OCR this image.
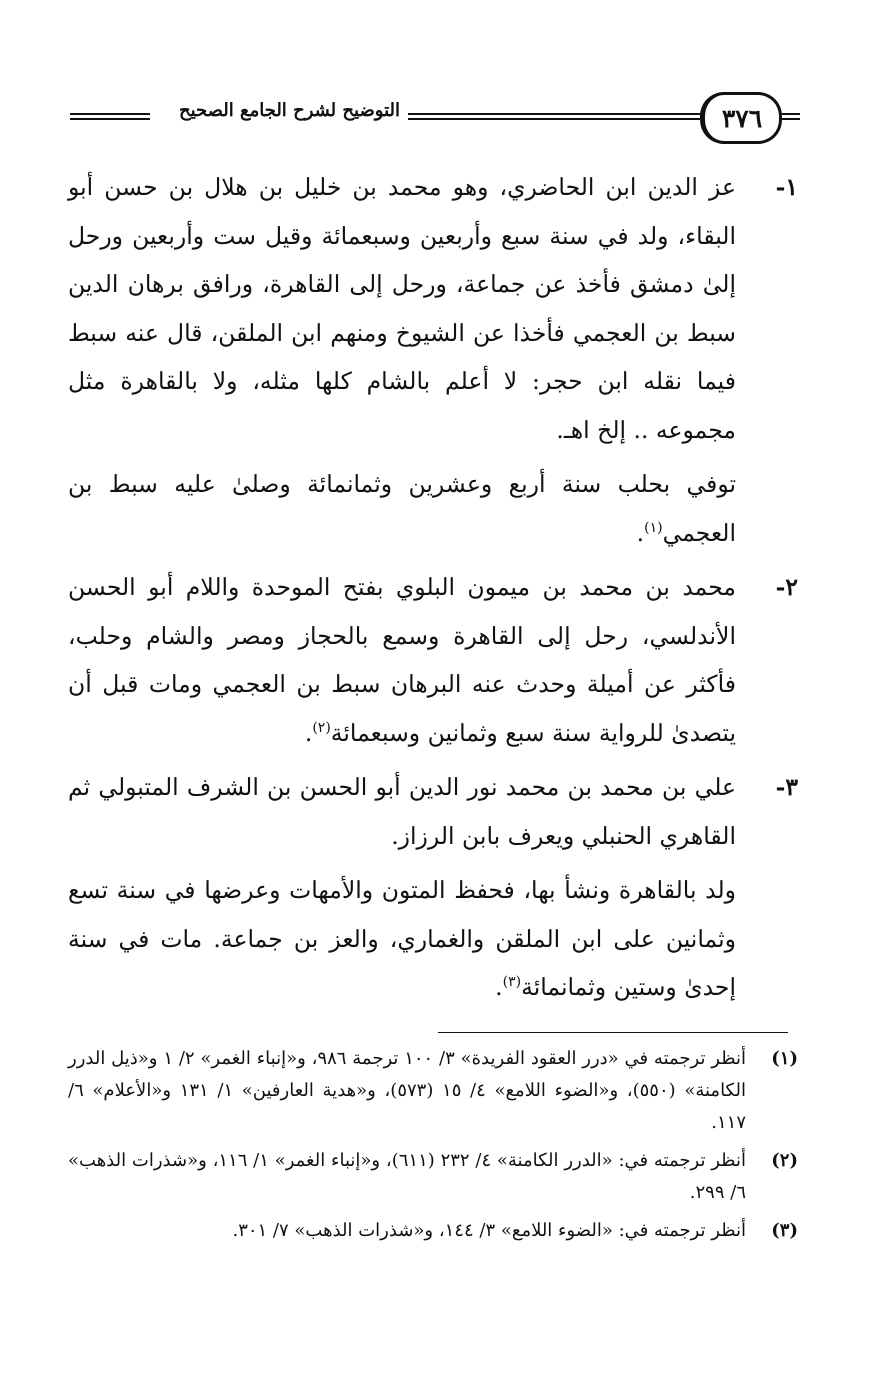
التوضيح لشرح الجامع الصحيح	٣٧٦

١-
عز الدين ابن الحاضري، وهو محمد بن خليل بن هلال بن حسن أبو البقاء، ولد في سنة سبع وأربعين وسبعمائة وقيل ست وأربعين ورحل إلىٰ دمشق فأخذ عن جماعة، ورحل إلى القاهرة، ورافق برهان الدين سبط بن العجمي فأخذا عن الشيوخ ومنهم ابن الملقن، قال عنه سبط فيما نقله ابن حجر: لا أعلم بالشام كلها مثله، ولا بالقاهرة مثل مجموعه .. إلخ اهـ.

توفي بحلب سنة أربع وعشرين وثمانمائة وصلىٰ عليه سبط بن العجمي$^{(١)}$.

٢-
محمد بن محمد بن ميمون البلوي بفتح الموحدة واللام أبو الحسن الأندلسي، رحل إلى القاهرة وسمع بالحجاز ومصر والشام وحلب، فأكثر عن أميلة وحدث عنه البرهان سبط بن العجمي ومات قبل أن يتصدىٰ للرواية سنة سبع وثمانين وسبعمائة$^{(٢)}$.

٣-
علي بن محمد بن محمد نور الدين أبو الحسن بن الشرف المتبولي ثم القاهري الحنبلي ويعرف بابن الرزاز.

ولد بالقاهرة ونشأ بها، فحفظ المتون والأمهات وعرضها في سنة تسع وثمانين على ابن الملقن والغماري، والعز بن جماعة. مات في سنة إحدىٰ وستين وثمانمائة$^{(٣)}$.

(١)
أنظر ترجمته في «درر العقود الفريدة» ٣/ ١٠٠ ترجمة ٩٨٦، و«إنباء الغمر» ٢/ ١ و«ذيل الدرر الكامنة» (٥٥٠)، و«الضوء اللامع» ٤/ ١٥ (٥٧٣)، و«هدية العارفين» ١/ ١٣١ و«الأعلام» ٦/ ١١٧.

(٢)
أنظر ترجمته في: «الدرر الكامنة» ٤/ ٢٣٢ (٦١١)، و«إنباء الغمر» ١/ ١١٦، و«شذرات الذهب» ٦/ ٢٩٩.

(٣)
أنظر ترجمته في: «الضوء اللامع» ٣/ ١٤٤، و«شذرات الذهب» ٧/ ٣٠١.
